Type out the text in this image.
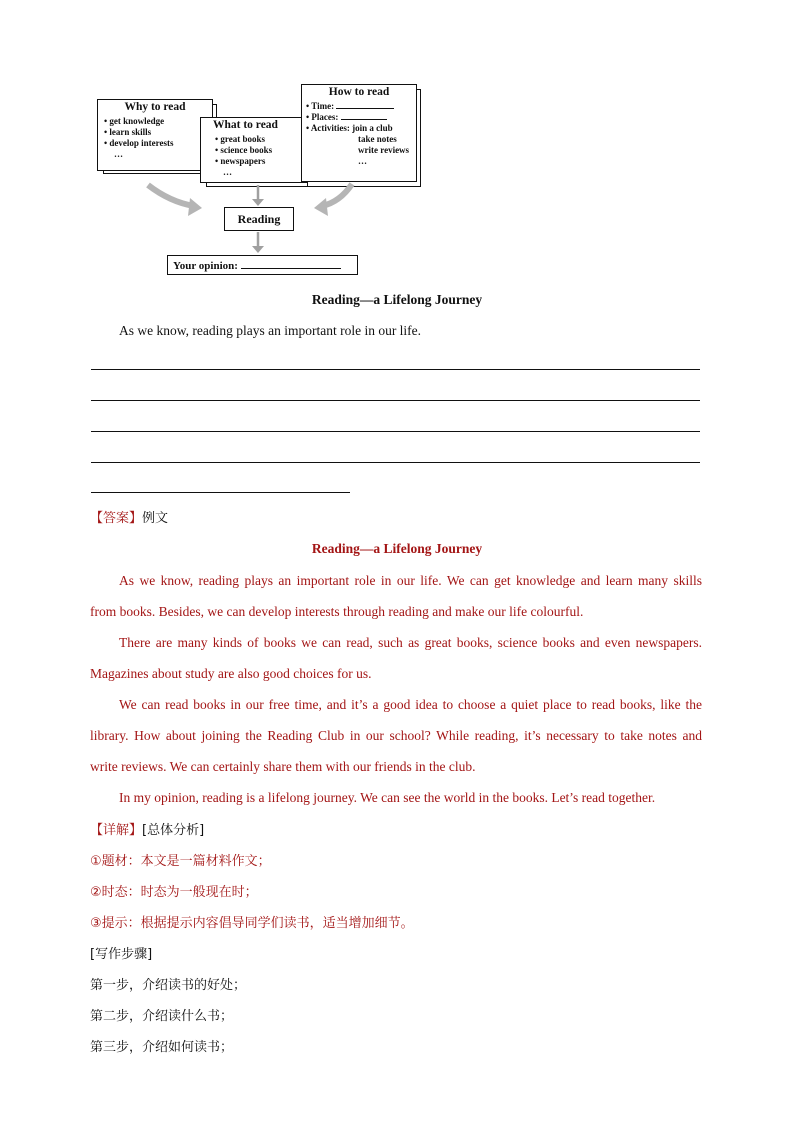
Why to read
• get knowledge
• learn skills
• develop interests
…
What to read
• great books
• science books
• newspapers
…
How to read
• Time:
• Places:
• Activities: join a club
take notes
write reviews
…
Reading
Your opinion:
Reading—a Lifelong Journey
As we know, reading plays an important role in our life.
【答案】例文
Reading—a Lifelong Journey
As we know, reading plays an important role in our life. We can get knowledge and learn many skills
from books. Besides, we can develop interests through reading and make our life colourful.
There are many kinds of books we can read, such as great books, science books and even newspapers.
Magazines about study are also good choices for us.
We can read books in our free time, and it’s a good idea to choose a quiet place to read books, like the
library. How about joining the Reading Club in our school? While reading, it’s necessary to take notes and
write reviews. We can certainly share them with our friends in the club.
In my opinion, reading is a lifelong journey. We can see the world in the books. Let’s read together.
【详解】[总体分析]
①题材：本文是一篇材料作文；
②时态：时态为一般现在时；
③提示：根据提示内容倡导同学们读书，适当增加细节。
[写作步骤]
第一步，介绍读书的好处；
第二步，介绍读什么书；
第三步，介绍如何读书；
